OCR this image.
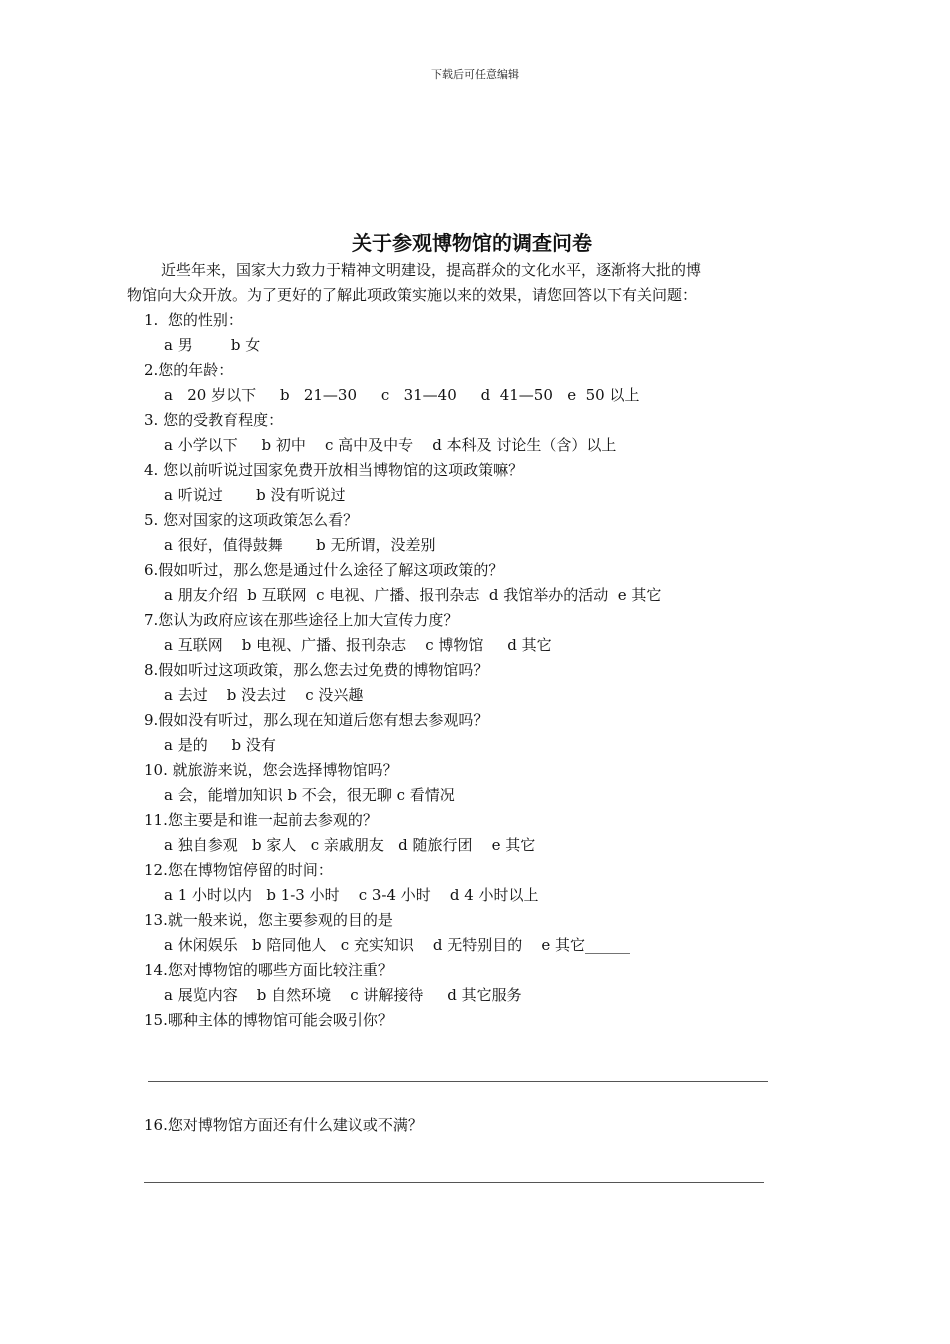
下载后可任意编辑
关于参观博物馆的调查问卷

近些年来，国家大力致力于精神文明建设，提高群众的文化水平，逐渐将大批的博
物馆向大众开放。为了更好的了解此项政策实施以来的效果，请您回答以下有关问题：

1.  您的性别：
a 男        b 女
2.您的年龄：
a   20 岁以下     b   21—30     c   31—40     d  41—50   e  50 以上
3. 您的受教育程度：
a 小学以下     b 初中    c 高中及中专    d 本科及 讨论生（含）以上
4. 您以前听说过国家免费开放相当博物馆的这项政策嘛？
a 听说过       b 没有听说过
5. 您对国家的这项政策怎么看？
a 很好，值得鼓舞       b 无所谓，没差别
6.假如听过，那么您是通过什么途径了解这项政策的？
a 朋友介绍  b 互联网  c 电视、广播、报刊杂志  d 我馆举办的活动  e 其它
7.您认为政府应该在那些途径上加大宣传力度？
a 互联网    b 电视、广播、报刊杂志    c 博物馆     d 其它
8.假如听过这项政策，那么您去过免费的博物馆吗？
a 去过    b 没去过    c 没兴趣
9.假如没有听过，那么现在知道后您有想去参观吗？
a 是的     b 没有
10. 就旅游来说，您会选择博物馆吗？
a 会，能增加知识 b 不会，很无聊 c 看情况
11.您主要是和谁一起前去参观的？
a 独自参观   b 家人   c 亲戚朋友   d 随旅行团    e 其它
12.您在博物馆停留的时间：
a 1 小时以内   b 1-3 小时    c 3-4 小时    d 4 小时以上
13.就一般来说，您主要参观的目的是
a 休闲娱乐   b 陪同他人   c 充实知识    d 无特别目的    e 其它______
14.您对博物馆的哪些方面比较注重？
a 展览内容    b 自然环境    c 讲解接待     d 其它服务
15.哪种主体的博物馆可能会吸引你？
16.您对博物馆方面还有什么建议或不满？
